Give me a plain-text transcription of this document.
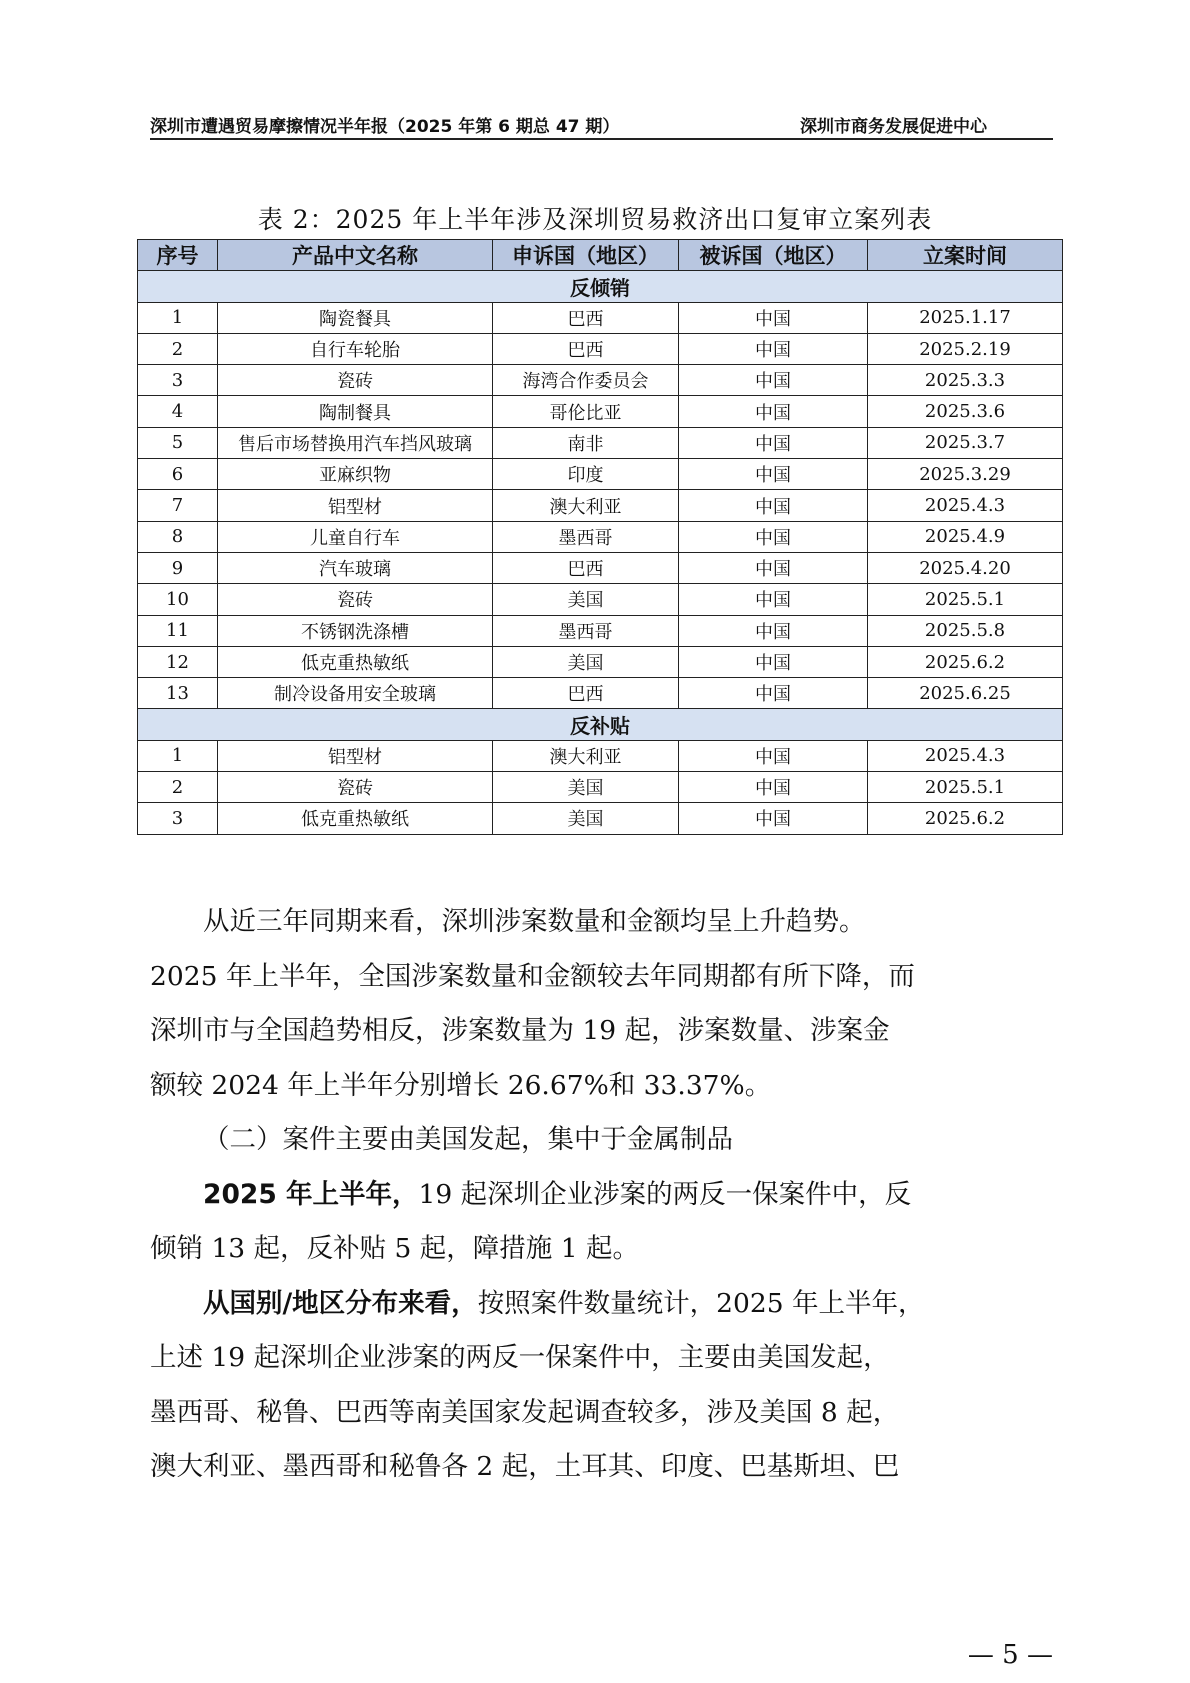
深圳市遭遇贸易摩擦情况半年报（2025 年第 6 期总 47 期）	深圳市商务发展促进中心
表 2：2025 年上半年涉及深圳贸易救济出口复审立案列表
序号	产品中文名称	申诉国（地区）	被诉国（地区）	立案时间
反倾销				
1	陶瓷餐具	巴西	中国	2025.1.17
2	自行车轮胎	巴西	中国	2025.2.19
3	瓷砖	海湾合作委员会	中国	2025.3.3
4	陶制餐具	哥伦比亚	中国	2025.3.6
5	售后市场替换用汽车挡风玻璃	南非	中国	2025.3.7
6	亚麻织物	印度	中国	2025.3.29
7	铝型材	澳大利亚	中国	2025.4.3
8	儿童自行车	墨西哥	中国	2025.4.9
9	汽车玻璃	巴西	中国	2025.4.20
10	瓷砖	美国	中国	2025.5.1
11	不锈钢洗涤槽	墨西哥	中国	2025.5.8
12	低克重热敏纸	美国	中国	2025.6.2
13	制冷设备用安全玻璃	巴西	中国	2025.6.25
反补贴				
1	铝型材	澳大利亚	中国	2025.4.3
2	瓷砖	美国	中国	2025.5.1
3	低克重热敏纸	美国	中国	2025.6.2

从近三年同期来看，深圳涉案数量和金额均呈上升趋势。

2025 年上半年，全国涉案数量和金额较去年同期都有所下降，而

深圳市与全国趋势相反，涉案数量为 19 起，涉案数量、涉案金

额较 2024 年上半年分别增长 26.67%和 33.37%。

（二）案件主要由美国发起，集中于金属制品

2025 年上半年，19 起深圳企业涉案的两反一保案件中，反

倾销 13 起，反补贴 5 起，障措施 1 起。

从国别/地区分布来看，按照案件数量统计，2025 年上半年，

上述 19 起深圳企业涉案的两反一保案件中，主要由美国发起，

墨西哥、秘鲁、巴西等南美国家发起调查较多，涉及美国 8 起，

澳大利亚、墨西哥和秘鲁各 2 起，土耳其、印度、巴基斯坦、巴

— 5 —
